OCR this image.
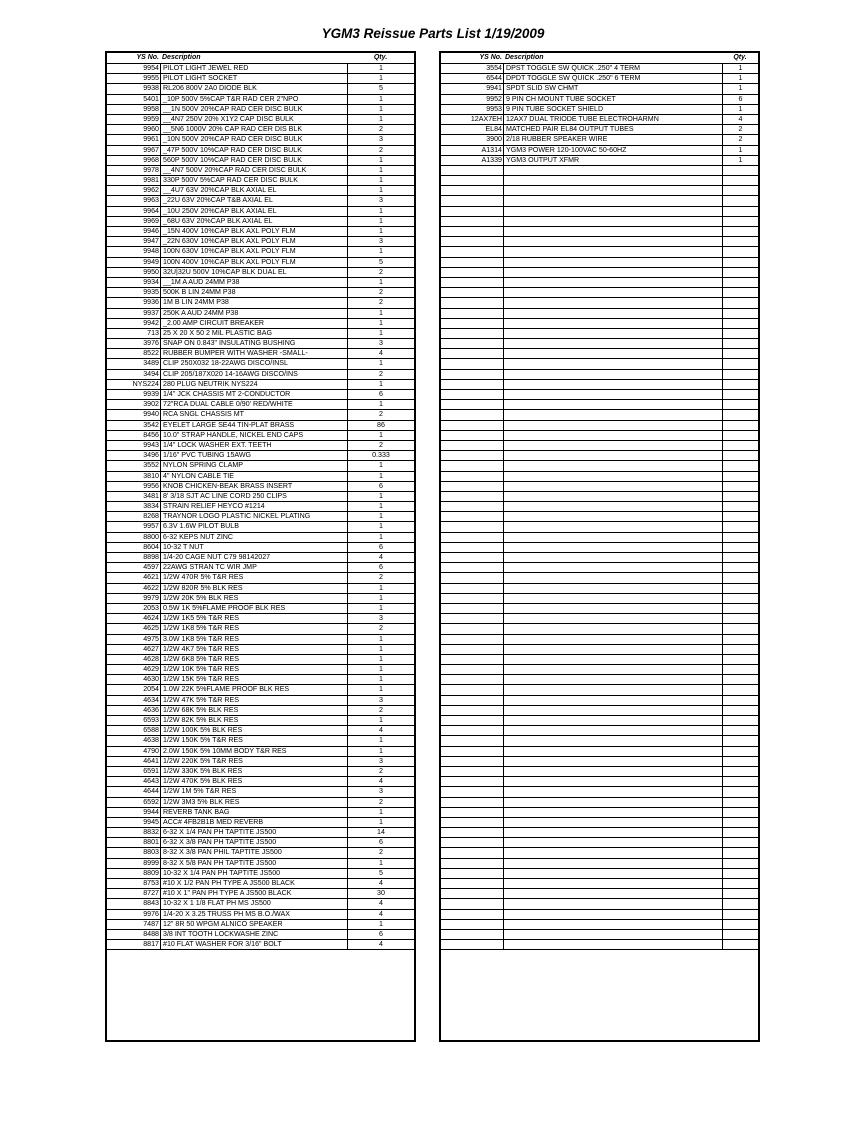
YGM3 Reissue Parts List 1/19/2009
YS No. Description	Qty.
9954 PILOT LIGHT JEWEL RED	1
9955 PILOT LIGHT SOCKET	1
9938 RL206 800V 2A0 DIODE BLK	5
5401 _10P 500V 5%CAP T&R RAD CER 2"NPO	1
9958 __1N 500V 20%CAP RAD CER DISC BULK	1
9959 __4N7 250V 20% X1Y2 CAP DISC BULK	1
9960 __5N6 1000V 20% CAP RAD CER DIS BLK	2
9961 _10N 500V 20%CAP RAD CER DISC BULK	3
9967 _47P 500V 10%CAP RAD CER DISC BULK	2
9968 560P 500V 10%CAP RAD CER DISC BULK	1
9978 __4N7 500V 20%CAP RAD CER DISC BULK	1
9981 330P 500V 5%CAP RAD CER DISC BULK	1
9962 __4U7 63V 20%CAP BLK AXIAL EL	1
9963 _22U 63V 20%CAP T&B AXIAL EL	3
9964 _10U 250V 20%CAP BLK AXIAL EL	1
9969 _68U 63V 20%CAP BLK AXIAL EL	1
9946 _15N 400V 10%CAP BLK AXL POLY FLM	1
9947 _22N 630V 10%CAP BLK AXL POLY FLM	3
9948 100N 630V 10%CAP BLK AXL POLY FLM	1
9949 100N 400V 10%CAP BLK AXL POLY FLM	5
9950 32U|32U 500V 10%CAP BLK DUAL EL	2
9934 __1M A AUD 24MM P38	1
9935 500K B LIN 24MM P38	2
9936 1M B LIN 24MM P38	2
9937 250K A AUD 24MM P38	1
9942 _2.00 AMP CIRCUIT BREAKER	1
713 25 X 20 X 50 2 MIL PLASTIC BAG	1
3976 SNAP ON 0.843" INSULATING BUSHING	3
8522 RUBBER BUMPER WITH WASHER -SMALL-	4
3489 CLIP 250X032 18-22AWG DISCO/INSL	1
3494 CLIP 205/187X020 14-16AWG DISCO/INS	2
NYS224 280 PLUG NEUTRIK NYS224	1
9939 1/4" JCK CHASSIS MT 2-CONDUCTOR	6
3902 72"RCA DUAL CABLE 0/90' RED/WHITE	1
9940 RCA SNGL CHASSIS MT	2
3542 EYELET LARGE SE44 TIN-PLAT BRASS	86
8456 10.0" STRAP HANDLE, NICKEL END CAPS	1
9943 1/4" LOCK WASHER EXT. TEETH	2
3496 1/16" PVC TUBING 15AWG	0.333
3552 NYLON SPRING CLAMP	1
3810 4" NYLON CABLE TIE	1
9956 KNOB CHICKEN-BEAK BRASS INSERT	6
3481 8' 3/18 SJT AC LINE CORD 250 CLIPS	1
3834 STRAIN RELIEF HEYCO #1214	1
8268 TRAYNOR LOGO PLASTIC NICKEL PLATING	1
9957 6.3V 1.6W PILOT BULB	1
8800 6-32 KEPS NUT ZINC	1
8604 10-32 T NUT	6
8898 1/4-20 CAGE NUT C79 98142027	4
4597 22AWG STRAN TC WIR JMP	6
4621 1/2W 470R 5% T&R RES	2
4622 1/2W 820R 5% BLK RES	1
9979 1/2W 20K 5% BLK RES	1
2053 0.5W 1K 5%FLAME PROOF BLK RES	1
4624 1/2W 1K5 5% T&R RES	3
4625 1/2W 1K8 5% T&R RES	2
4975 3.0W 1K8 5% T&R RES	1
4627 1/2W 4K7 5% T&R RES	1
4628 1/2W 6K8 5% T&R RES	1
4629 1/2W 10K 5% T&R RES	1
4630 1/2W 15K 5% T&R RES	1
2054 1.0W 22K 5%FLAME PROOF BLK RES	1
4634 1/2W 47K 5% T&R RES	3
4636 1/2W 68K 5% BLK RES	2
6593 1/2W 82K 5% BLK RES	1
6588 1/2W 100K 5% BLK RES	4
4638 1/2W 150K 5% T&R RES	1
4790 2.0W 150K 5% 10MM BODY T&R RES	1
4641 1/2W 220K 5% T&R RES	3
6591 1/2W 330K 5% BLK RES	2
4643 1/2W 470K 5% BLK RES	4
4644 1/2W 1M 5% T&R RES	3
6592 1/2W 3M3 5% BLK RES	2
9944 REVERB TANK BAG	1
9945 ACC# 4FB2B1B MED REVERB	1
8832 6-32 X 1/4 PAN PH TAPTITE JS500	14
8801 6-32 X 3/8 PAN PH TAPTITE JS500	6
8803 8-32 X 3/8 PAN PHIL TAPTITE JS500	2
8999 8-32 X 5/8 PAN PH TAPTITE JS500	1
8809 10-32 X 1/4 PAN PH TAPTITE JS500	5
8753 #10 X 1/2 PAN PH TYPE A JS500 BLACK	4
8727 #10 X 1" PAN PH TYPE A JS500 BLACK	30
8843 10-32 X 1 1/8 FLAT PH MS JS500	4
9976 1/4-20 X 3.25 TRUSS PH MS B.O./WAX	4
7487 12" 8R 50 WPGM ALNICO SPEAKER	1
8488 3/8 INT TOOTH LOCKWASHE ZINC	6
8817 #10 FLAT WASHER FOR 3/16" BOLT	4
YS No. Description	Qty.
3554 DPST TOGGLE SW QUICK .250" 4 TERM	1
6544 DPDT TOGGLE SW QUICK .250" 6 TERM	1
9941 SPDT SLID SW CHMT	1
9952 9 PIN CH MOUNT TUBE SOCKET	6
9953 9 PIN TUBE SOCKET SHIELD	1
12AX7EH 12AX7 DUAL TRIODE TUBE ELECTROHARMN	4
EL84 MATCHED PAIR EL84 OUTPUT TUBES	2
3900 2/18 RUBBER SPEAKER WIRE	2
A1314 YGM3 POWER 120-100VAC 50-60HZ	1
A1339 YGM3 OUTPUT XFMR	1
